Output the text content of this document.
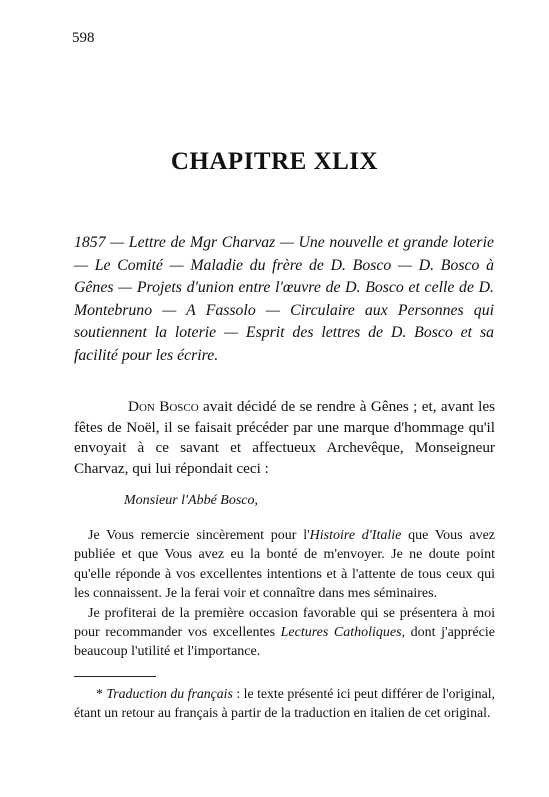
598
CHAPITRE XLIX

1857 — Lettre de Mgr Charvaz — Une nouvelle et grande loterie — Le Comité — Maladie du frère de D. Bosco — D. Bosco à Gênes — Projets d'union entre l'œuvre de D. Bosco et celle de D. Montebruno — A Fassolo — Circulaire aux Personnes qui soutiennent la loterie — Esprit des lettres de D. Bosco et sa facilité pour les écrire.

Don Bosco avait décidé de se rendre à Gênes ; et, avant les fêtes de Noël, il se faisait précéder par une marque d'hommage qu'il envoyait à ce savant et affectueux Archevêque, Monseigneur Charvaz, qui lui répondait ceci :

Monsieur l'Abbé Bosco,

Je Vous remercie sincèrement pour l'Histoire d'Italie que Vous avez publiée et que Vous avez eu la bonté de m'envoyer. Je ne doute point qu'elle réponde à vos excellentes intentions et à l'attente de tous ceux qui les connaissent. Je la ferai voir et connaître dans mes séminaires.

Je profiterai de la première occasion favorable qui se présentera à moi pour recommander vos excellentes Lectures Catholiques, dont j'apprécie beaucoup l'utilité et l'importance.

* Traduction du français : le texte présenté ici peut différer de l'original, étant un retour au français à partir de la traduction en italien de cet original.
